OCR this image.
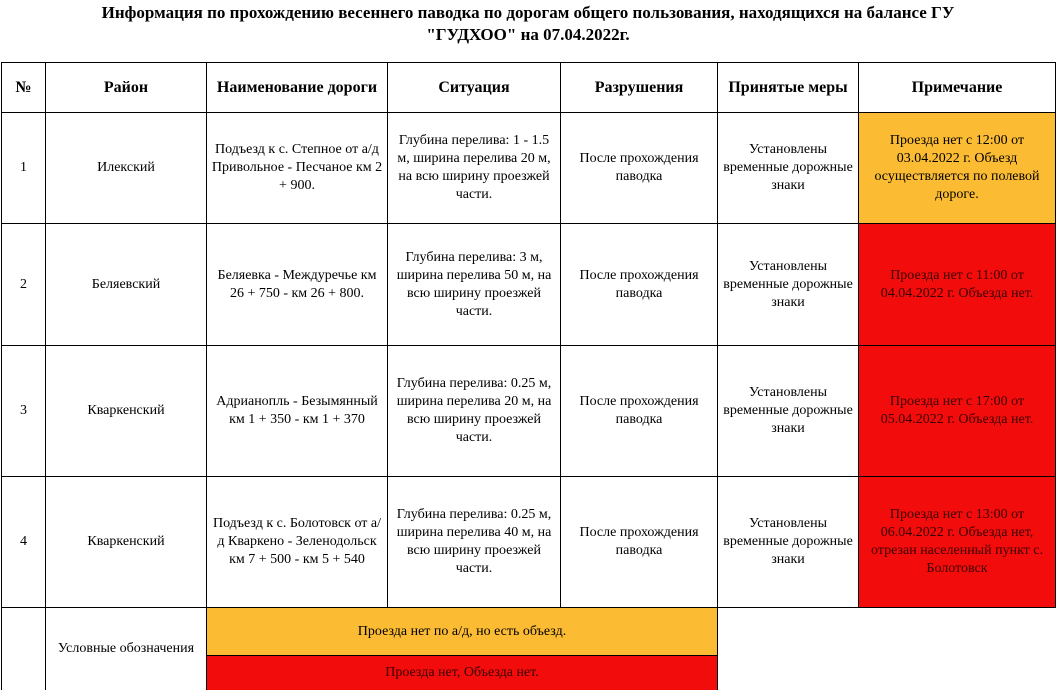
Информация по прохождению весеннего паводка по дорогам общего пользования, находящихся на балансе ГУ
"ГУДХОО" на 07.04.2022г.
№	Район	Наименование дороги	Ситуация	Разрушения	Принятые меры	Примечание
1	Илекский	Подъезд к с. Степное от а/д Привольное - Песчаное км 2 + 900.	Глубина перелива: 1 - 1.5 м, ширина перелива 20 м, на всю ширину проезжей части.	После прохождения паводка	Установлены временные дорожные знаки	Проезда нет с 12:00 от 03.04.2022 г. Объезд осуществляется по полевой дороге.
2	Беляевский	Беляевка - Междуречье км 26 + 750 - км 26 + 800.	Глубина перелива: 3 м, ширина перелива 50 м, на всю ширину проезжей части.	После прохождения паводка	Установлены временные дорожные знаки	Проезда нет с 11:00 от 04.04.2022 г. Объезда нет.
3	Кваркенский	Адрианопль - Безымянный км 1 + 350 - км 1 + 370	Глубина перелива: 0.25 м, ширина перелива 20 м, на всю ширину проезжей части.	После прохождения паводка	Установлены временные дорожные знаки	Проезда нет с 17:00 от 05.04.2022 г. Объезда нет.
4	Кваркенский	Подъезд к с. Болотовск от а/д Кваркено - Зеленодольск км 7 + 500 - км 5 + 540	Глубина перелива: 0.25 м, ширина перелива 40 м, на всю ширину проезжей части.	После прохождения паводка	Установлены временные дорожные знаки	Проезда нет с 13:00 от 06.04.2022 г. Объезда нет, отрезан населенный пункт с. Болотовск
	Условные обозначения	Проезда нет по а/д, но есть объезд.				
		Проезда нет, Объезда нет.				
